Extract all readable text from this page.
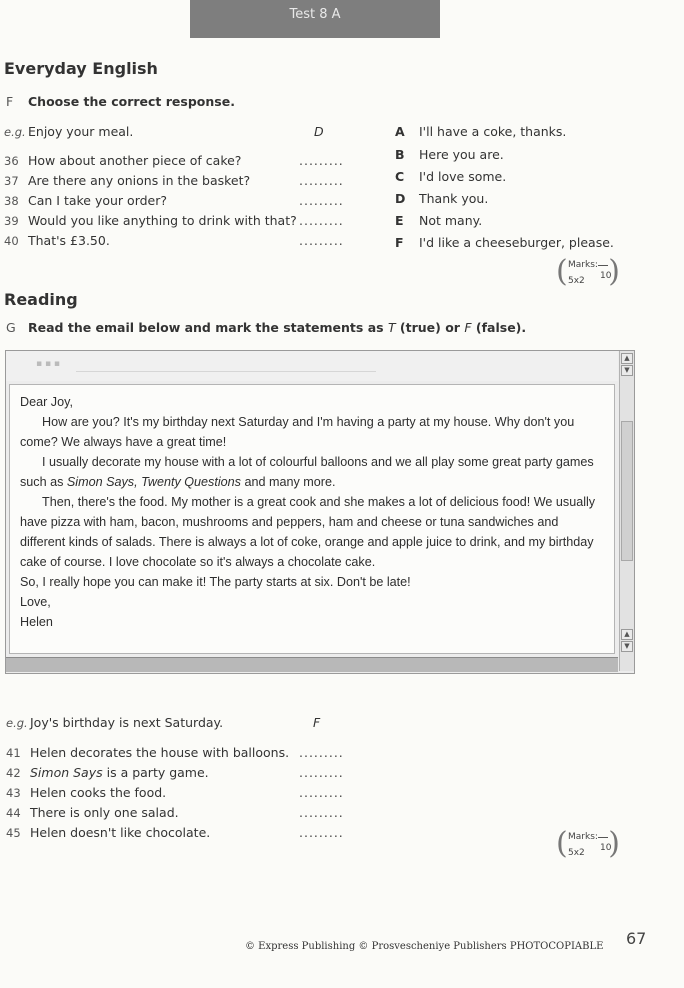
Test 8 A
Everyday English
F Choose the correct response.
e.g. Enjoy your meal.	D
36 How about another piece of cake?	.........
37 Are there any onions in the basket?	.........
38 Can I take your order?	.........
39 Would you like anything to drink with that? .........
40 That's £3.50.	.........
A I'll have a coke, thanks.
B Here you are.
C I'd love some.
D Thank you.
E Not many.
F I'd like a cheeseburger, please.
( Marks:
10
5x2 )
Reading
G Read the email below and mark the statements as T (true) or F (false).
▪ ▪ ▪

Dear Joy,

How are you? It's my birthday next Saturday and I'm having a party at my house. Why don't you come? We always have a great time!

I usually decorate my house with a lot of colourful balloons and we all play some great party games such as Simon Says, Twenty Questions and many more.

Then, there's the food. My mother is a great cook and she makes a lot of delicious food! We usually have pizza with ham, bacon, mushrooms and peppers, ham and cheese or tuna sandwiches and different kinds of salads. There is always a lot of coke, orange and apple juice to drink, and my birthday cake of course. I love chocolate so it's always a chocolate cake.

So, I really hope you can make it! The party starts at six. Don't be late!

Love,

Helen

▲
▼
▲
▼
e.g. Joy's birthday is next Saturday.	F
41 Helen decorates the house with balloons. .........
42 Simon Says is a party game.	.........
43 Helen cooks the food.	.........
44 There is only one salad.	.........
45 Helen doesn't like chocolate.	.........	( Marks:
10
5x2 )
© Express Publishing © Prosvescheniye Publishers PHOTOCOPIABLE 67
